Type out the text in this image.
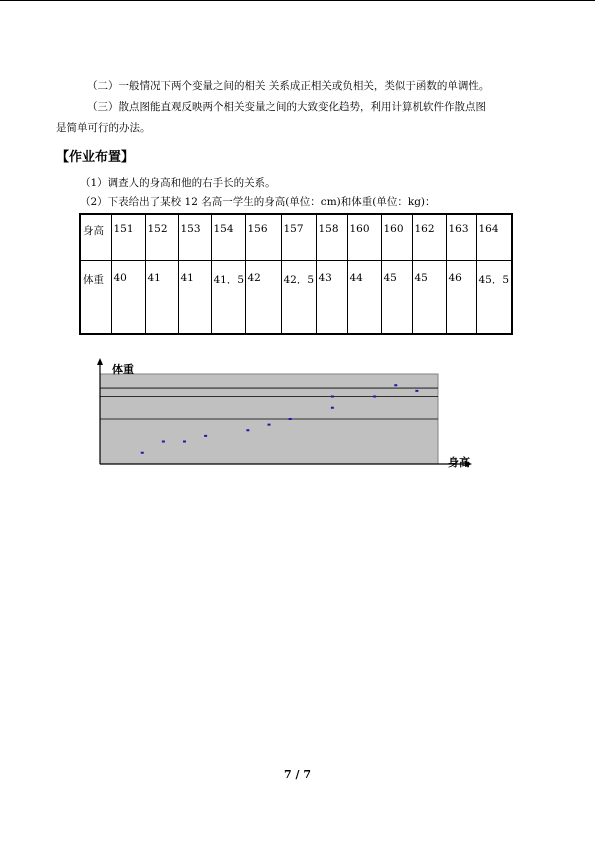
（二）一般情况下两个变量之间的相关 关系成正相关或负相关，类似于函数的单调性。
（三）散点图能直观反映两个相关变量之间的大致变化趋势，利用计算机软件作散点图
是简单可行的办法。
【作业布置】
（1）调查人的身高和他的右手长的关系。
（2）下表给出了某校 12 名高一学生的身高(单位：cm)和体重(单位：kg)：
身高	151	152	153	154	156	157	158	160	160	162	163	164
体重	40	41	41	41．5	42	42．5	43	44	45	45	46	45．5
体重
身高
7 / 7
